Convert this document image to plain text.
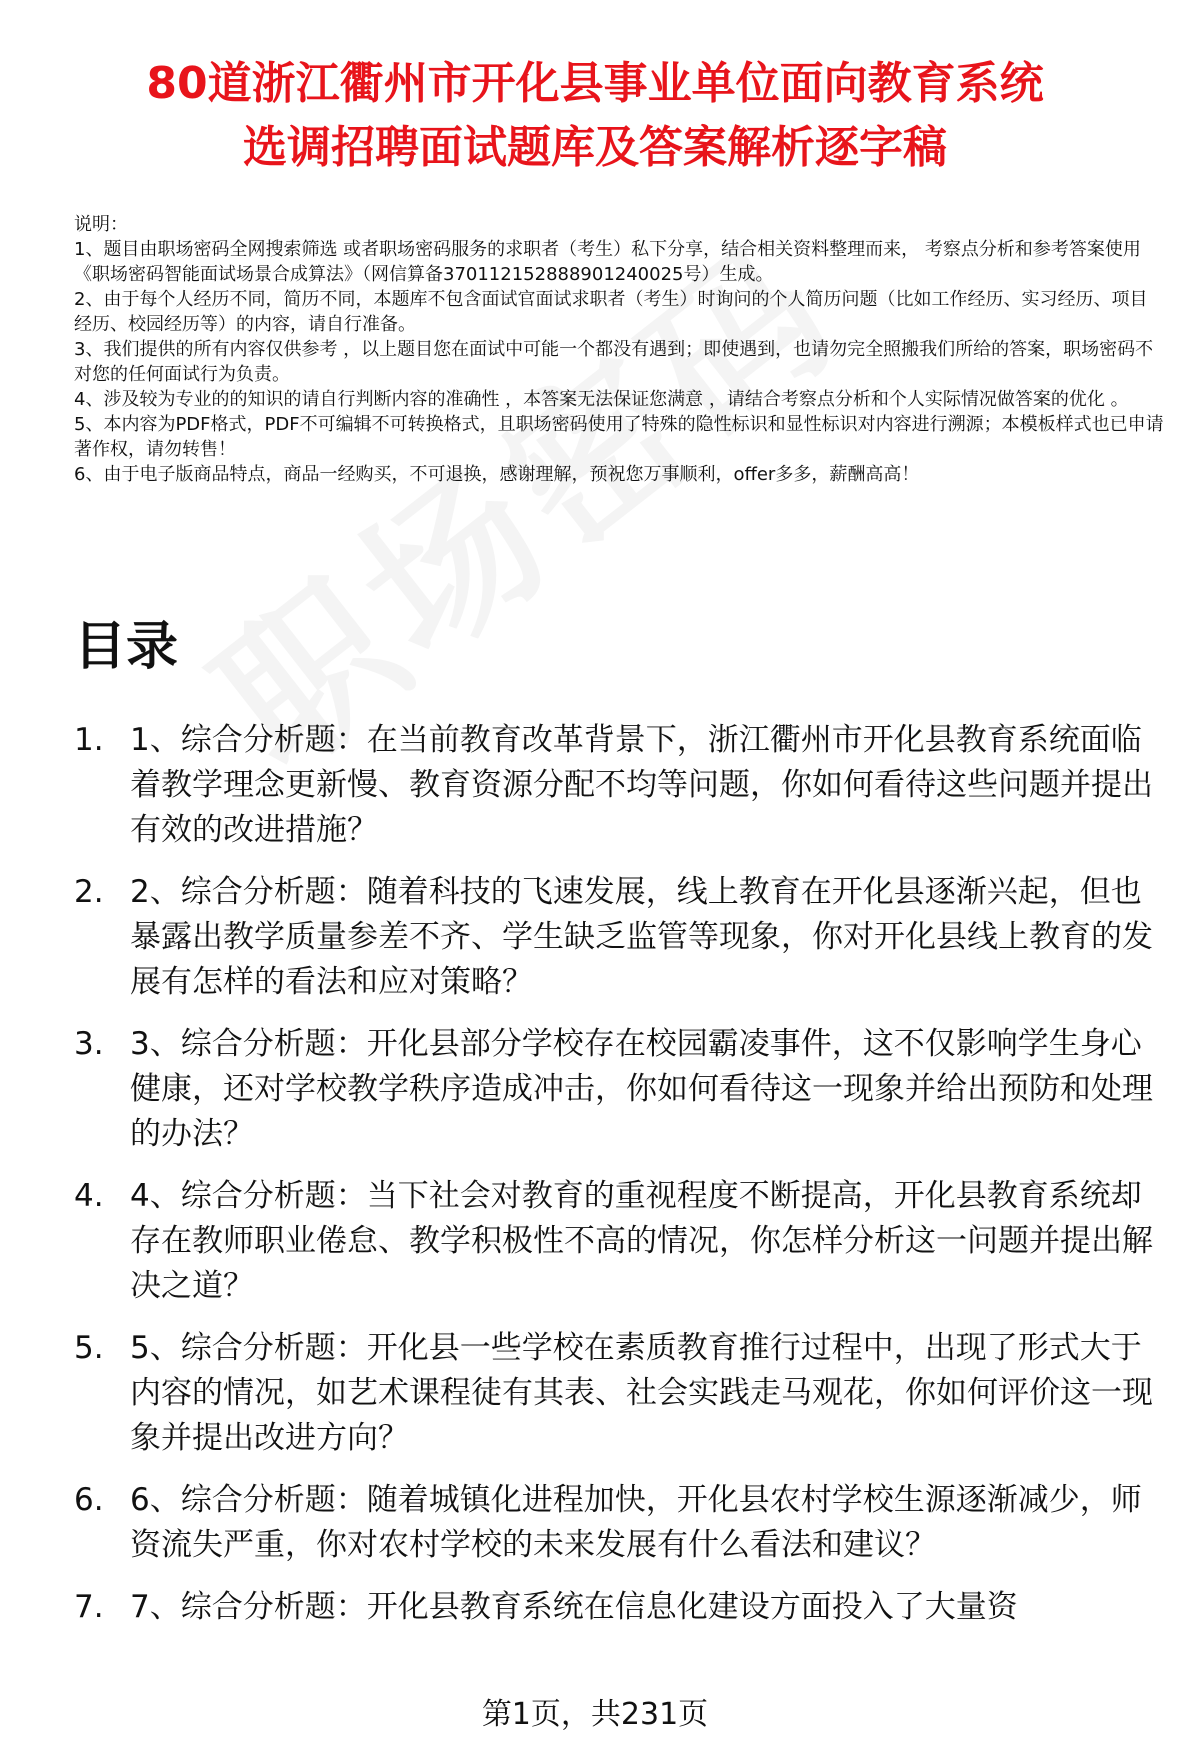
80道浙江衢州市开化县事业单位面向教育系统
选调招聘面试题库及答案解析逐字稿

说明：

1、题目由职场密码全网搜索筛选 或者职场密码服务的求职者（考生）私下分享，结合相关资料整理而来， 考察点分析和参考答案使用《职场密码智能面试场景合成算法》（网信算备370112152888901240025号）生成。

2、由于每个人经历不同，简历不同，本题库不包含面试官面试求职者（考生）时询问的个人简历问题（比如工作经历、实习经历、项目经历、校园经历等）的内容，请自行准备。

3、我们提供的所有内容仅供参考 ，以上题目您在面试中可能一个都没有遇到；即使遇到，也请勿完全照搬我们所给的答案，职场密码不对您的任何面试行为负责。

4、涉及较为专业的的知识的请自行判断内容的准确性 ，本答案无法保证您满意 ，请结合考察点分析和个人实际情况做答案的优化 。

5、本内容为PDF格式，PDF不可编辑不可转换格式，且职场密码使用了特殊的隐性标识和显性标识对内容进行溯源；本模板样式也已申请著作权，请勿转售！

6、由于电子版商品特点，商品一经购买，不可退换，感谢理解，预祝您万事顺利，offer多多，薪酬高高！

目录
1. 1、综合分析题：在当前教育改革背景下，浙江衢州市开化县教育系统面临着教学理念更新慢、教育资源分配不均等问题，你如何看待这些问题并提出有效的改进措施？
2. 2、综合分析题：随着科技的飞速发展，线上教育在开化县逐渐兴起，但也暴露出教学质量参差不齐、学生缺乏监管等现象，你对开化县线上教育的发展有怎样的看法和应对策略？
3. 3、综合分析题：开化县部分学校存在校园霸凌事件，这不仅影响学生身心健康，还对学校教学秩序造成冲击，你如何看待这一现象并给出预防和处理的办法？
4. 4、综合分析题：当下社会对教育的重视程度不断提高，开化县教育系统却存在教师职业倦怠、教学积极性不高的情况，你怎样分析这一问题并提出解决之道？
5. 5、综合分析题：开化县一些学校在素质教育推行过程中，出现了形式大于内容的情况，如艺术课程徒有其表、社会实践走马观花，你如何评价这一现象并提出改进方向？
6. 6、综合分析题：随着城镇化进程加快，开化县农村学校生源逐渐减少，师资流失严重，你对农村学校的未来发展有什么看法和建议？
7. 7、综合分析题：开化县教育系统在信息化建设方面投入了大量资
第1页，共231页
